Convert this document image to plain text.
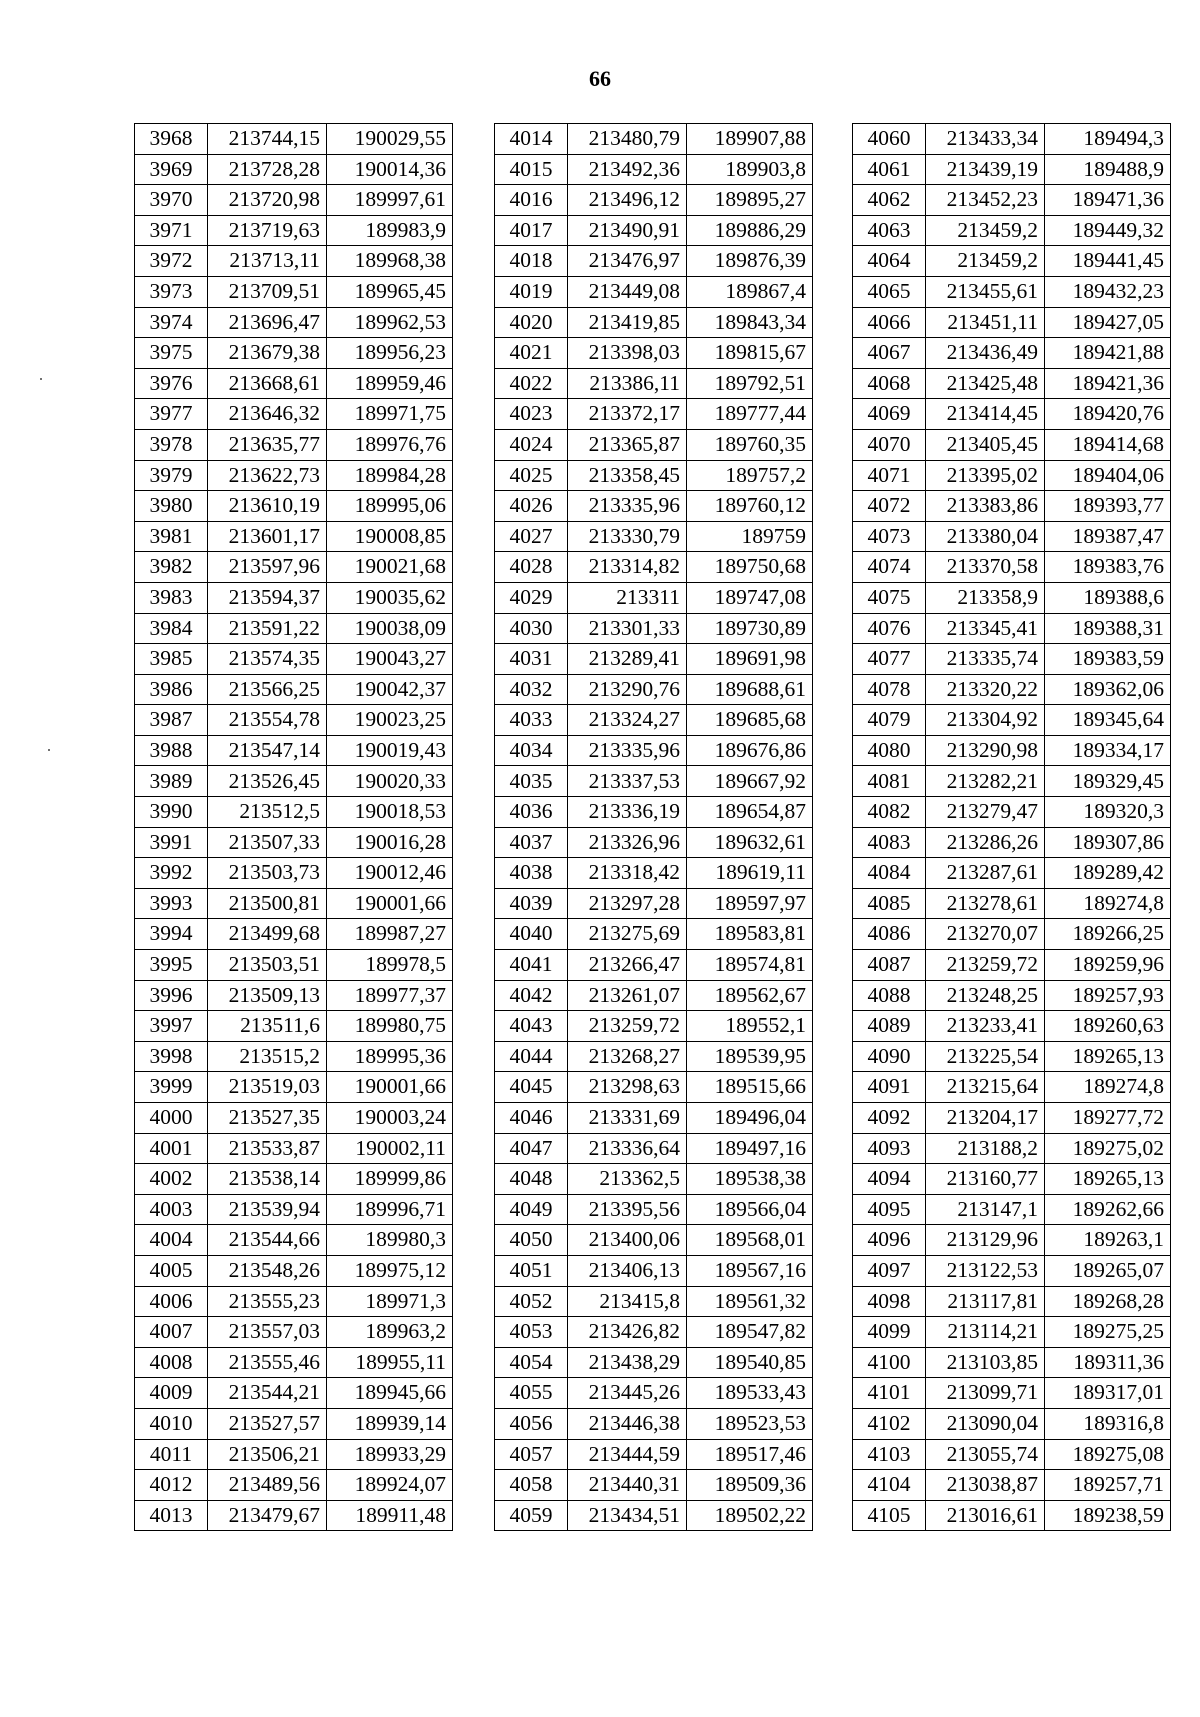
66
3968	213744,15	190029,55
3969	213728,28	190014,36
3970	213720,98	189997,61
3971	213719,63	189983,9
3972	213713,11	189968,38
3973	213709,51	189965,45
3974	213696,47	189962,53
3975	213679,38	189956,23
3976	213668,61	189959,46
3977	213646,32	189971,75
3978	213635,77	189976,76
3979	213622,73	189984,28
3980	213610,19	189995,06
3981	213601,17	190008,85
3982	213597,96	190021,68
3983	213594,37	190035,62
3984	213591,22	190038,09
3985	213574,35	190043,27
3986	213566,25	190042,37
3987	213554,78	190023,25
3988	213547,14	190019,43
3989	213526,45	190020,33
3990	213512,5	190018,53
3991	213507,33	190016,28
3992	213503,73	190012,46
3993	213500,81	190001,66
3994	213499,68	189987,27
3995	213503,51	189978,5
3996	213509,13	189977,37
3997	213511,6	189980,75
3998	213515,2	189995,36
3999	213519,03	190001,66
4000	213527,35	190003,24
4001	213533,87	190002,11
4002	213538,14	189999,86
4003	213539,94	189996,71
4004	213544,66	189980,3
4005	213548,26	189975,12
4006	213555,23	189971,3
4007	213557,03	189963,2
4008	213555,46	189955,11
4009	213544,21	189945,66
4010	213527,57	189939,14
4011	213506,21	189933,29
4012	213489,56	189924,07
4013	213479,67	189911,48
4014	213480,79	189907,88
4015	213492,36	189903,8
4016	213496,12	189895,27
4017	213490,91	189886,29
4018	213476,97	189876,39
4019	213449,08	189867,4
4020	213419,85	189843,34
4021	213398,03	189815,67
4022	213386,11	189792,51
4023	213372,17	189777,44
4024	213365,87	189760,35
4025	213358,45	189757,2
4026	213335,96	189760,12
4027	213330,79	189759
4028	213314,82	189750,68
4029	213311	189747,08
4030	213301,33	189730,89
4031	213289,41	189691,98
4032	213290,76	189688,61
4033	213324,27	189685,68
4034	213335,96	189676,86
4035	213337,53	189667,92
4036	213336,19	189654,87
4037	213326,96	189632,61
4038	213318,42	189619,11
4039	213297,28	189597,97
4040	213275,69	189583,81
4041	213266,47	189574,81
4042	213261,07	189562,67
4043	213259,72	189552,1
4044	213268,27	189539,95
4045	213298,63	189515,66
4046	213331,69	189496,04
4047	213336,64	189497,16
4048	213362,5	189538,38
4049	213395,56	189566,04
4050	213400,06	189568,01
4051	213406,13	189567,16
4052	213415,8	189561,32
4053	213426,82	189547,82
4054	213438,29	189540,85
4055	213445,26	189533,43
4056	213446,38	189523,53
4057	213444,59	189517,46
4058	213440,31	189509,36
4059	213434,51	189502,22
4060	213433,34	189494,3
4061	213439,19	189488,9
4062	213452,23	189471,36
4063	213459,2	189449,32
4064	213459,2	189441,45
4065	213455,61	189432,23
4066	213451,11	189427,05
4067	213436,49	189421,88
4068	213425,48	189421,36
4069	213414,45	189420,76
4070	213405,45	189414,68
4071	213395,02	189404,06
4072	213383,86	189393,77
4073	213380,04	189387,47
4074	213370,58	189383,76
4075	213358,9	189388,6
4076	213345,41	189388,31
4077	213335,74	189383,59
4078	213320,22	189362,06
4079	213304,92	189345,64
4080	213290,98	189334,17
4081	213282,21	189329,45
4082	213279,47	189320,3
4083	213286,26	189307,86
4084	213287,61	189289,42
4085	213278,61	189274,8
4086	213270,07	189266,25
4087	213259,72	189259,96
4088	213248,25	189257,93
4089	213233,41	189260,63
4090	213225,54	189265,13
4091	213215,64	189274,8
4092	213204,17	189277,72
4093	213188,2	189275,02
4094	213160,77	189265,13
4095	213147,1	189262,66
4096	213129,96	189263,1
4097	213122,53	189265,07
4098	213117,81	189268,28
4099	213114,21	189275,25
4100	213103,85	189311,36
4101	213099,71	189317,01
4102	213090,04	189316,8
4103	213055,74	189275,08
4104	213038,87	189257,71
4105	213016,61	189238,59
